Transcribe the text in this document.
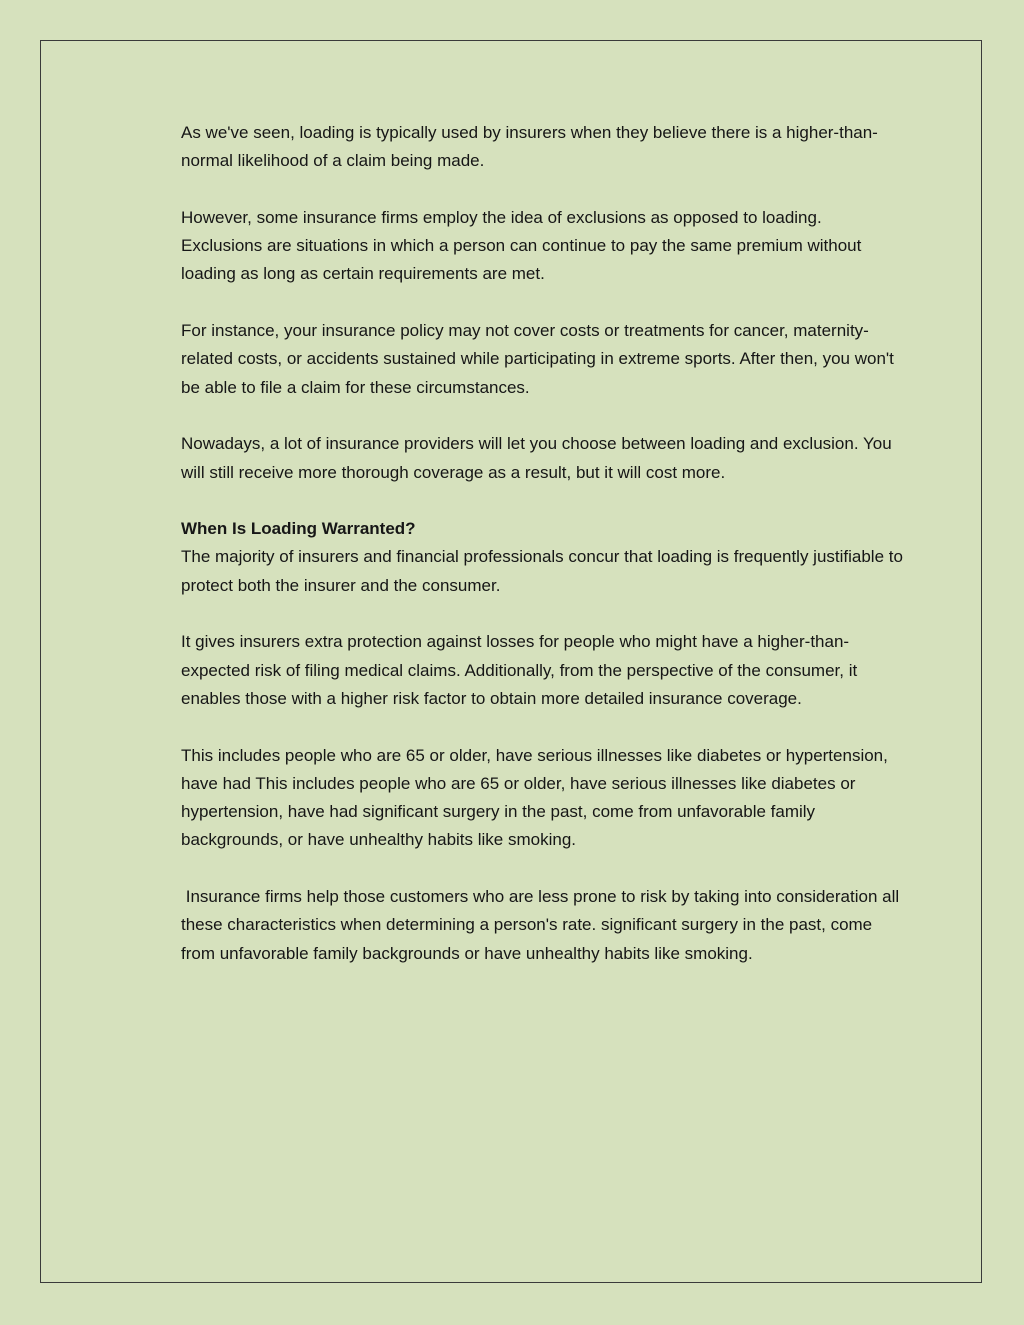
As we've seen, loading is typically used by insurers when they believe there is a higher-than-normal likelihood of a claim being made.

However, some insurance firms employ the idea of exclusions as opposed to loading. Exclusions are situations in which a person can continue to pay the same premium without loading as long as certain requirements are met.

For instance, your insurance policy may not cover costs or treatments for cancer, maternity-related costs, or accidents sustained while participating in extreme sports. After then, you won't be able to file a claim for these circumstances.

Nowadays, a lot of insurance providers will let you choose between loading and exclusion. You will still receive more thorough coverage as a result, but it will cost more.

When Is Loading Warranted?
The majority of insurers and financial professionals concur that loading is frequently justifiable to protect both the insurer and the consumer.

It gives insurers extra protection against losses for people who might have a higher-than-expected risk of filing medical claims. Additionally, from the perspective of the consumer, it enables those with a higher risk factor to obtain more detailed insurance coverage.

This includes people who are 65 or older, have serious illnesses like diabetes or hypertension, have had This includes people who are 65 or older, have serious illnesses like diabetes or hypertension, have had significant surgery in the past, come from unfavorable family backgrounds, or have unhealthy habits like smoking.

Insurance firms help those customers who are less prone to risk by taking into consideration all these characteristics when determining a person's rate. significant surgery in the past, come from unfavorable family backgrounds or have unhealthy habits like smoking.
